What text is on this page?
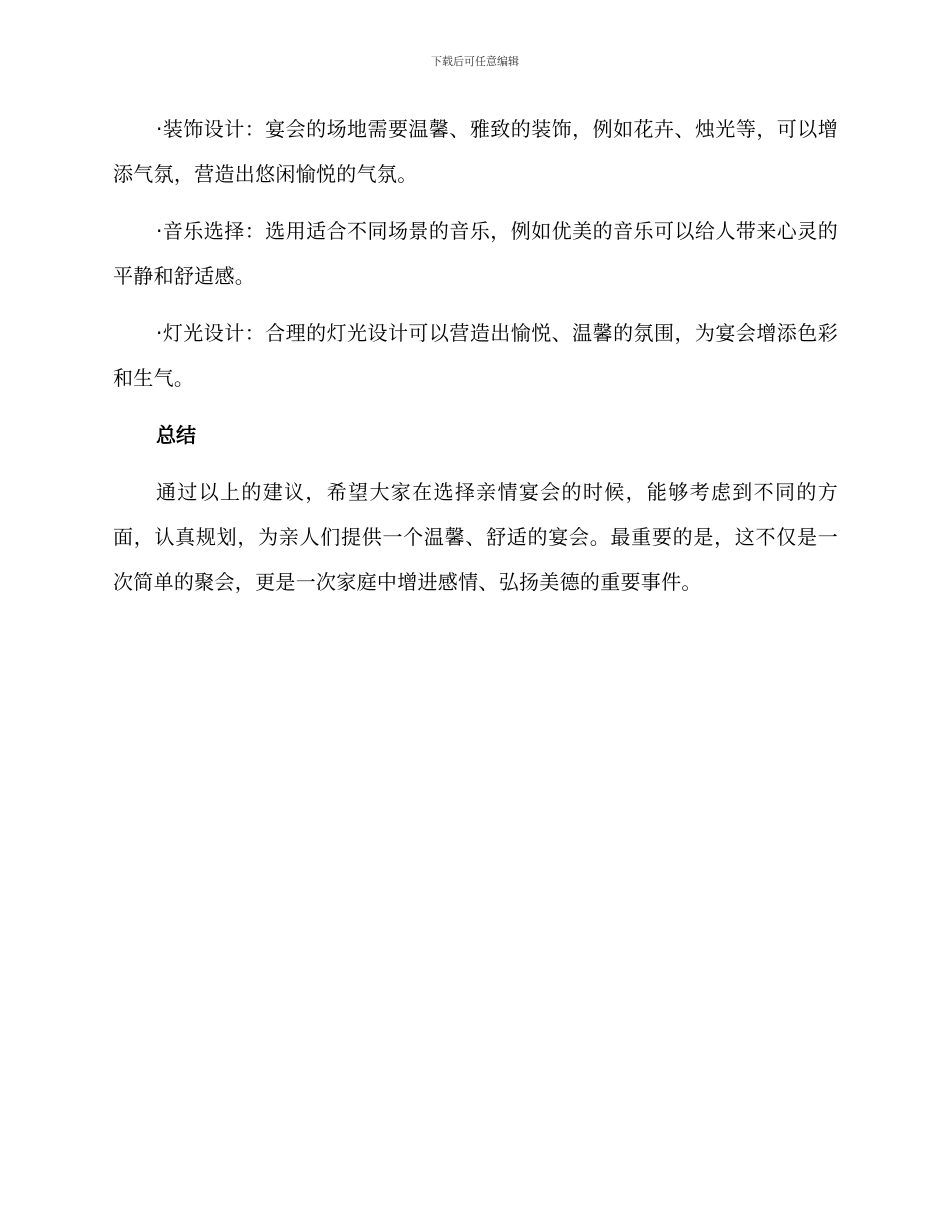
下载后可任意编辑

·装饰设计：宴会的场地需要温馨、雅致的装饰，例如花卉、烛光等，可以增添气氛，营造出悠闲愉悦的气氛。

·音乐选择：选用适合不同场景的音乐，例如优美的音乐可以给人带来心灵的平静和舒适感。

·灯光设计：合理的灯光设计可以营造出愉悦、温馨的氛围，为宴会增添色彩和生气。

总结

通过以上的建议，希望大家在选择亲情宴会的时候，能够考虑到不同的方面，认真规划，为亲人们提供一个温馨、舒适的宴会。最重要的是，这不仅是一次简单的聚会，更是一次家庭中增进感情、弘扬美德的重要事件。
